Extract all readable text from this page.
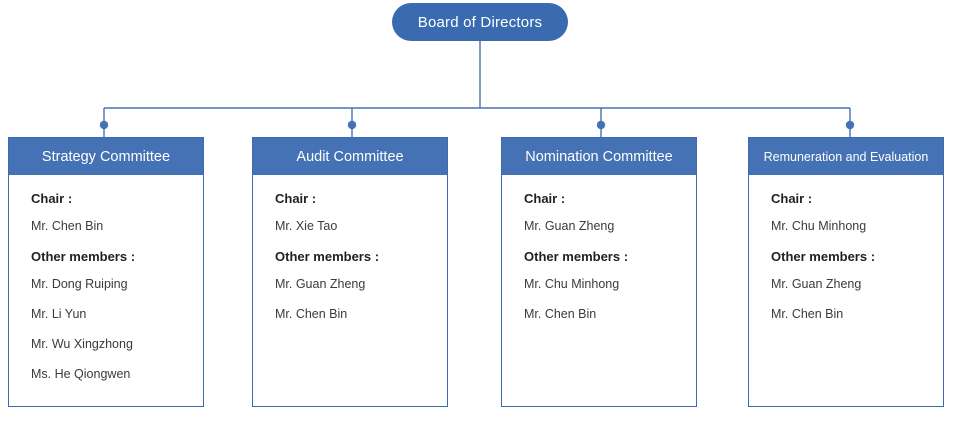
Board of Directors
Strategy Committee
Chair :
Mr. Chen Bin
Other members :
Mr. Dong Ruiping
Mr. Li Yun
Mr. Wu Xingzhong
Ms. He Qiongwen
Audit Committee
Chair :
Mr. Xie Tao
Other members :
Mr. Guan Zheng
Mr. Chen Bin
Nomination Committee
Chair :
Mr. Guan Zheng
Other members :
Mr. Chu Minhong
Mr. Chen Bin
Remuneration and Evaluation
Chair :
Mr. Chu Minhong
Other members :
Mr. Guan Zheng
Mr. Chen Bin
